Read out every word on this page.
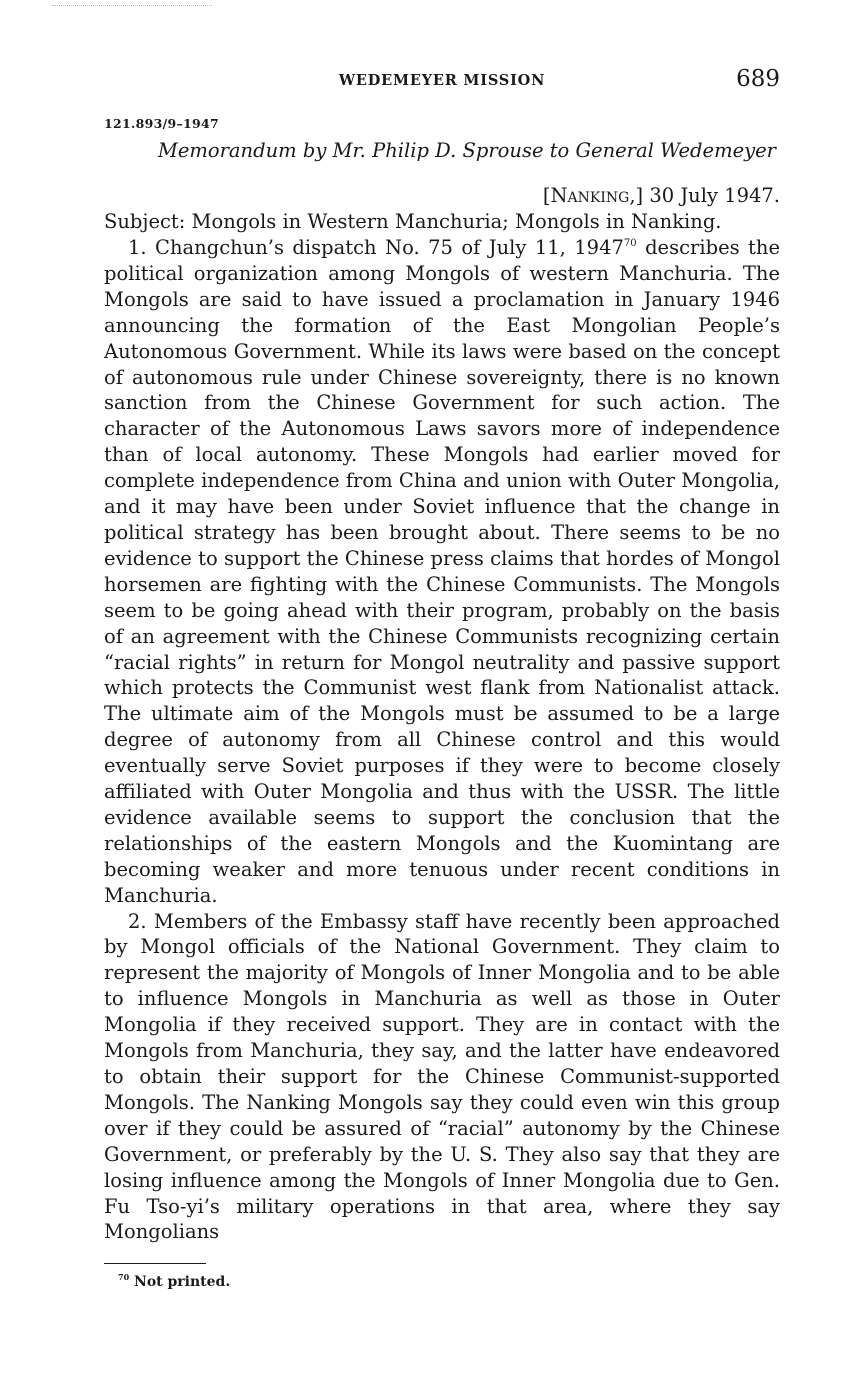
WEDEMEYER MISSION	689
121.893/9–1947
Memorandum by Mr. Philip D. Sprouse to General Wedemeyer
[Nanking,] 30 July 1947.
Subject: Mongols in Western Manchuria; Mongols in Nanking.

1. Changchun’s dispatch No. 75 of July 11, 1947$^{70}$ describes the political organization among Mongols of western Manchuria. The Mongols are said to have issued a proclamation in January 1946 announcing the formation of the East Mongolian People’s Autonomous Government. While its laws were based on the concept of autonomous rule under Chinese sovereignty, there is no known sanction from the Chinese Government for such action. The character of the Autonomous Laws savors more of independence than of local autonomy. These Mongols had earlier moved for complete independence from China and union with Outer Mongolia, and it may have been under Soviet influence that the change in political strategy has been brought about. There seems to be no evidence to support the Chinese press claims that hordes of Mongol horsemen are fighting with the Chinese Communists. The Mongols seem to be going ahead with their program, probably on the basis of an agreement with the Chinese Communists recognizing certain “racial rights” in return for Mongol neutrality and passive support which protects the Communist west flank from Nationalist attack. The ultimate aim of the Mongols must be assumed to be a large degree of autonomy from all Chinese control and this would eventually serve Soviet purposes if they were to become closely affiliated with Outer Mongolia and thus with the USSR. The little evidence available seems to support the conclusion that the relationships of the eastern Mongols and the Kuomintang are becoming weaker and more tenuous under recent conditions in Manchuria.

2. Members of the Embassy staff have recently been approached by Mongol officials of the National Government. They claim to represent the majority of Mongols of Inner Mongolia and to be able to influence Mongols in Manchuria as well as those in Outer Mongolia if they received support. They are in contact with the Mongols from Manchuria, they say, and the latter have endeavored to obtain their support for the Chinese Communist-supported Mongols. The Nanking Mongols say they could even win this group over if they could be assured of “racial” autonomy by the Chinese Government, or preferably by the U. S. They also say that they are losing influence among the Mongols of Inner Mongolia due to Gen. Fu Tso-yi’s military operations in that area, where they say Mongolians

$^{70}$ Not printed.
